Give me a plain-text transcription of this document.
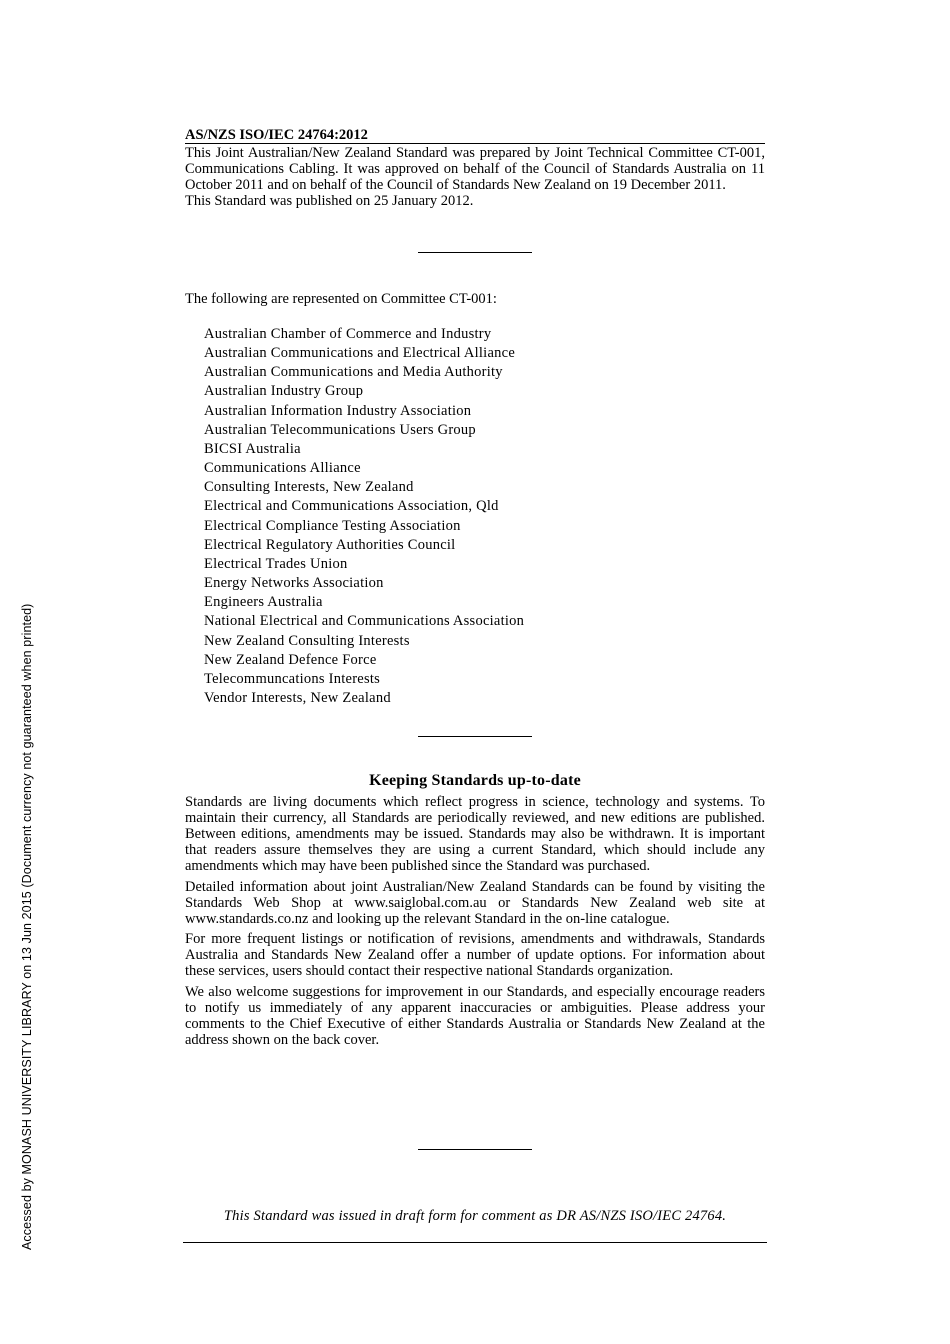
Accessed by MONASH UNIVERSITY LIBRARY on 13 Jun 2015 (Document currency not guaranteed when printed)
AS/NZS ISO/IEC 24764:2012

This Joint Australian/New Zealand Standard was prepared by Joint Technical Committee CT-001, Communications Cabling. It was approved on behalf of the Council of Standards Australia on 11 October 2011 and on behalf of the Council of Standards New Zealand on 19 December 2011.

This Standard was published on 25 January 2012.

The following are represented on Committee CT-001:
Australian Chamber of Commerce and Industry
Australian Communications and Electrical Alliance
Australian Communications and Media Authority
Australian Industry Group
Australian Information Industry Association
Australian Telecommunications Users Group
BICSI Australia
Communications Alliance
Consulting Interests, New Zealand
Electrical and Communications Association, Qld
Electrical Compliance Testing Association
Electrical Regulatory Authorities Council
Electrical Trades Union
Energy Networks Association
Engineers Australia
National Electrical and Communications Association
New Zealand Consulting Interests
New Zealand Defence Force
Telecommuncations Interests
Vendor Interests, New Zealand
Keeping Standards up-to-date

Standards are living documents which reflect progress in science, technology and systems. To maintain their currency, all Standards are periodically reviewed, and new editions are published. Between editions, amendments may be issued. Standards may also be withdrawn. It is important that readers assure themselves they are using a current Standard, which should include any amendments which may have been published since the Standard was purchased.

Detailed information about joint Australian/New Zealand Standards can be found by visiting the Standards Web Shop at www.saiglobal.com.au or Standards New Zealand web site at www.standards.co.nz and looking up the relevant Standard in the on-line catalogue.

For more frequent listings or notification of revisions, amendments and withdrawals, Standards Australia and Standards New Zealand offer a number of update options. For information about these services, users should contact their respective national Standards organization.

We also welcome suggestions for improvement in our Standards, and especially encourage readers to notify us immediately of any apparent inaccuracies or ambiguities. Please address your comments to the Chief Executive of either Standards Australia or Standards New Zealand at the address shown on the back cover.

This Standard was issued in draft form for comment as DR AS/NZS ISO/IEC 24764.
